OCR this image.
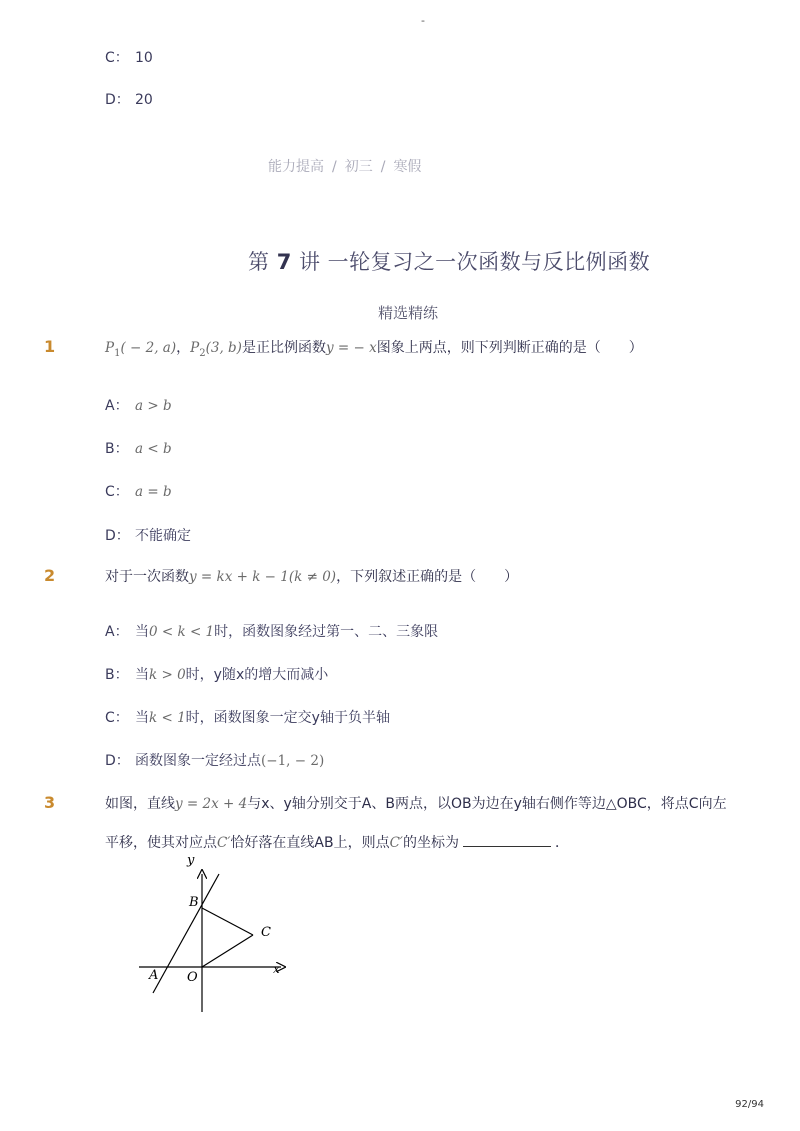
-
C： 10
D： 20
能力提高 / 初三 / 寒假
第 7 讲 一轮复习之一次函数与反比例函数
精选精练
1	$P_1( - 2$, a)，$P_2(3$, b)是正比例函数y = − x图象上两点，则下列判断正确的是（　　）
A： a > b
B： a < b
C： a = b
D： 不能确定
2	对于一次函数y = kx + k − 1(k ≠ 0)，下列叙述正确的是（　　）
A： 当0 < k < 1时，函数图象经过第一、二、三象限
B： 当k > 0时，y随x的增大而减小
C： 当k < 1时，函数图象一定交y轴于负半轴
D： 函数图象一定经过点(−1, − 2)
3	如图，直线y = 2x + 4与x、y轴分别交于A、B两点，以OB为边在y轴右侧作等边△OBC，将点C向左
平移，使其对应点C′恰好落在直线AB上，则点C′的坐标为	．
y
x
B
C
A O
92/94
